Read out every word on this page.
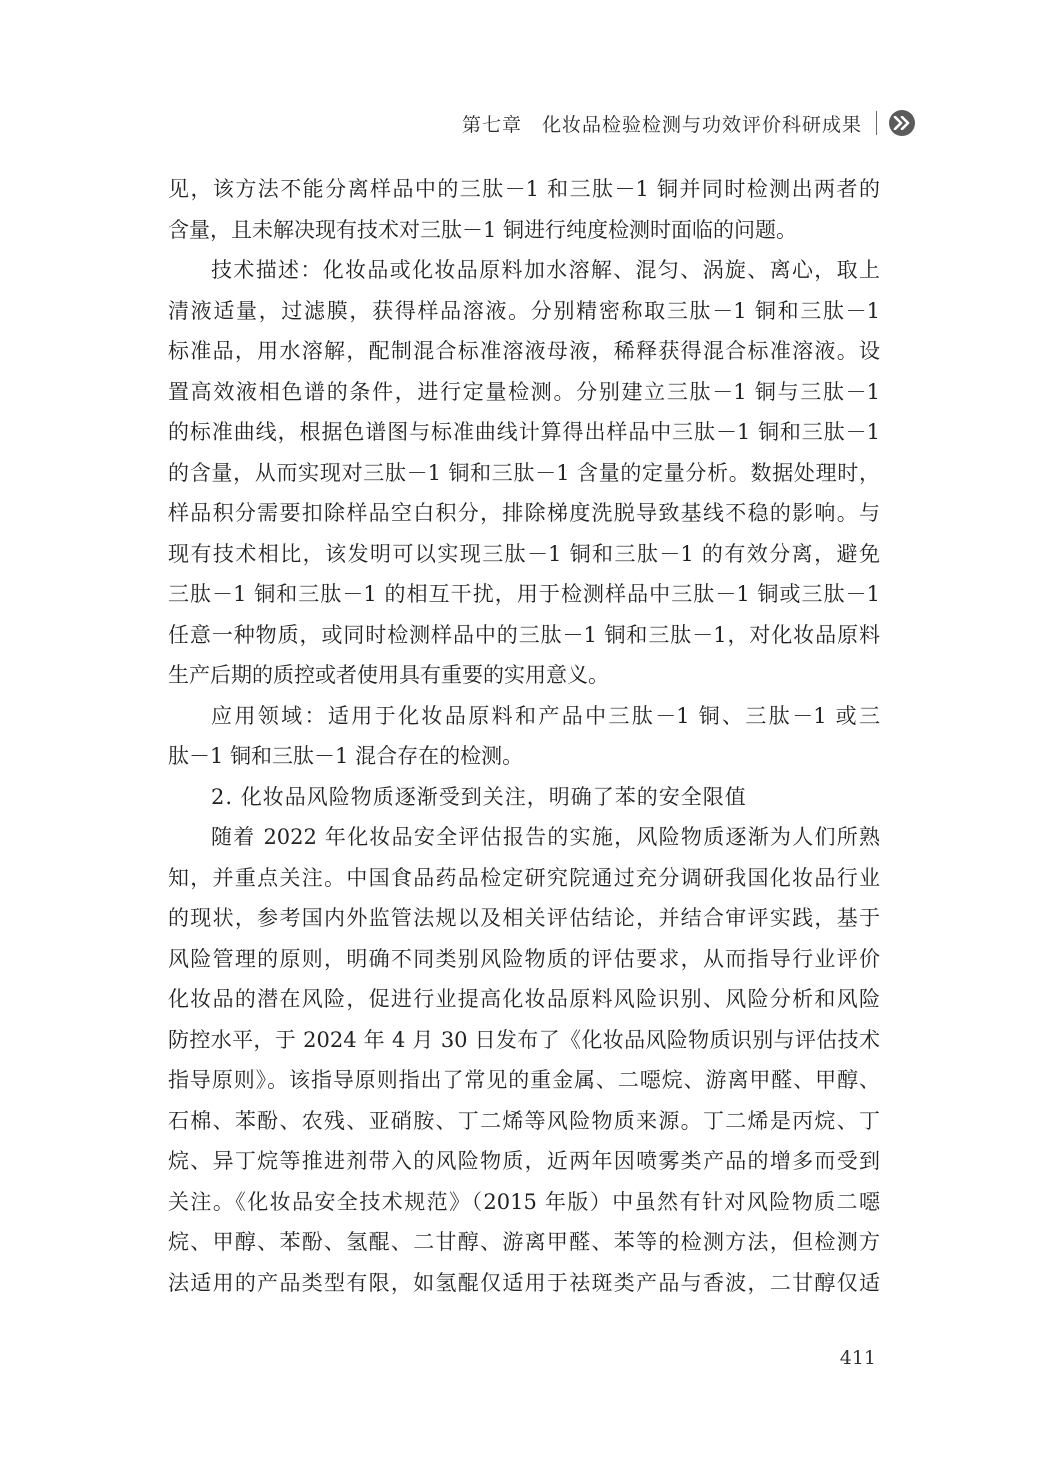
第七章　化妆品检验检测与功效评价科研成果
见，该方法不能分离样品中的三肽－1 和三肽－1 铜并同时检测出两者的
含量，且未解决现有技术对三肽－1 铜进行纯度检测时面临的问题。
技术描述：化妆品或化妆品原料加水溶解、混匀、涡旋、离心，取上
清液适量，过滤膜，获得样品溶液。分别精密称取三肽－1 铜和三肽－1
标准品，用水溶解，配制混合标准溶液母液，稀释获得混合标准溶液。设
置高效液相色谱的条件，进行定量检测。分别建立三肽－1 铜与三肽－1
的标准曲线，根据色谱图与标准曲线计算得出样品中三肽－1 铜和三肽－1
的含量，从而实现对三肽－1 铜和三肽－1 含量的定量分析。数据处理时，
样品积分需要扣除样品空白积分，排除梯度洗脱导致基线不稳的影响。与
现有技术相比，该发明可以实现三肽－1 铜和三肽－1 的有效分离，避免
三肽－1 铜和三肽－1 的相互干扰，用于检测样品中三肽－1 铜或三肽－1
任意一种物质，或同时检测样品中的三肽－1 铜和三肽－1，对化妆品原料
生产后期的质控或者使用具有重要的实用意义。
应用领域：适用于化妆品原料和产品中三肽－1 铜、三肽－1 或三
肽－1 铜和三肽－1 混合存在的检测。
2. 化妆品风险物质逐渐受到关注，明确了苯的安全限值
随着 2022 年化妆品安全评估报告的实施，风险物质逐渐为人们所熟
知，并重点关注。中国食品药品检定研究院通过充分调研我国化妆品行业
的现状，参考国内外监管法规以及相关评估结论，并结合审评实践，基于
风险管理的原则，明确不同类别风险物质的评估要求，从而指导行业评价
化妆品的潜在风险，促进行业提高化妆品原料风险识别、风险分析和风险
防控水平，于 2024 年 4 月 30 日发布了《化妆品风险物质识别与评估技术
指导原则》。该指导原则指出了常见的重金属、二噁烷、游离甲醛、甲醇、
石棉、苯酚、农残、亚硝胺、丁二烯等风险物质来源。丁二烯是丙烷、丁
烷、异丁烷等推进剂带入的风险物质，近两年因喷雾类产品的增多而受到
关注。《化妆品安全技术规范》（2015 年版）中虽然有针对风险物质二噁
烷、甲醇、苯酚、氢醌、二甘醇、游离甲醛、苯等的检测方法，但检测方
法适用的产品类型有限，如氢醌仅适用于祛斑类产品与香波，二甘醇仅适
411
